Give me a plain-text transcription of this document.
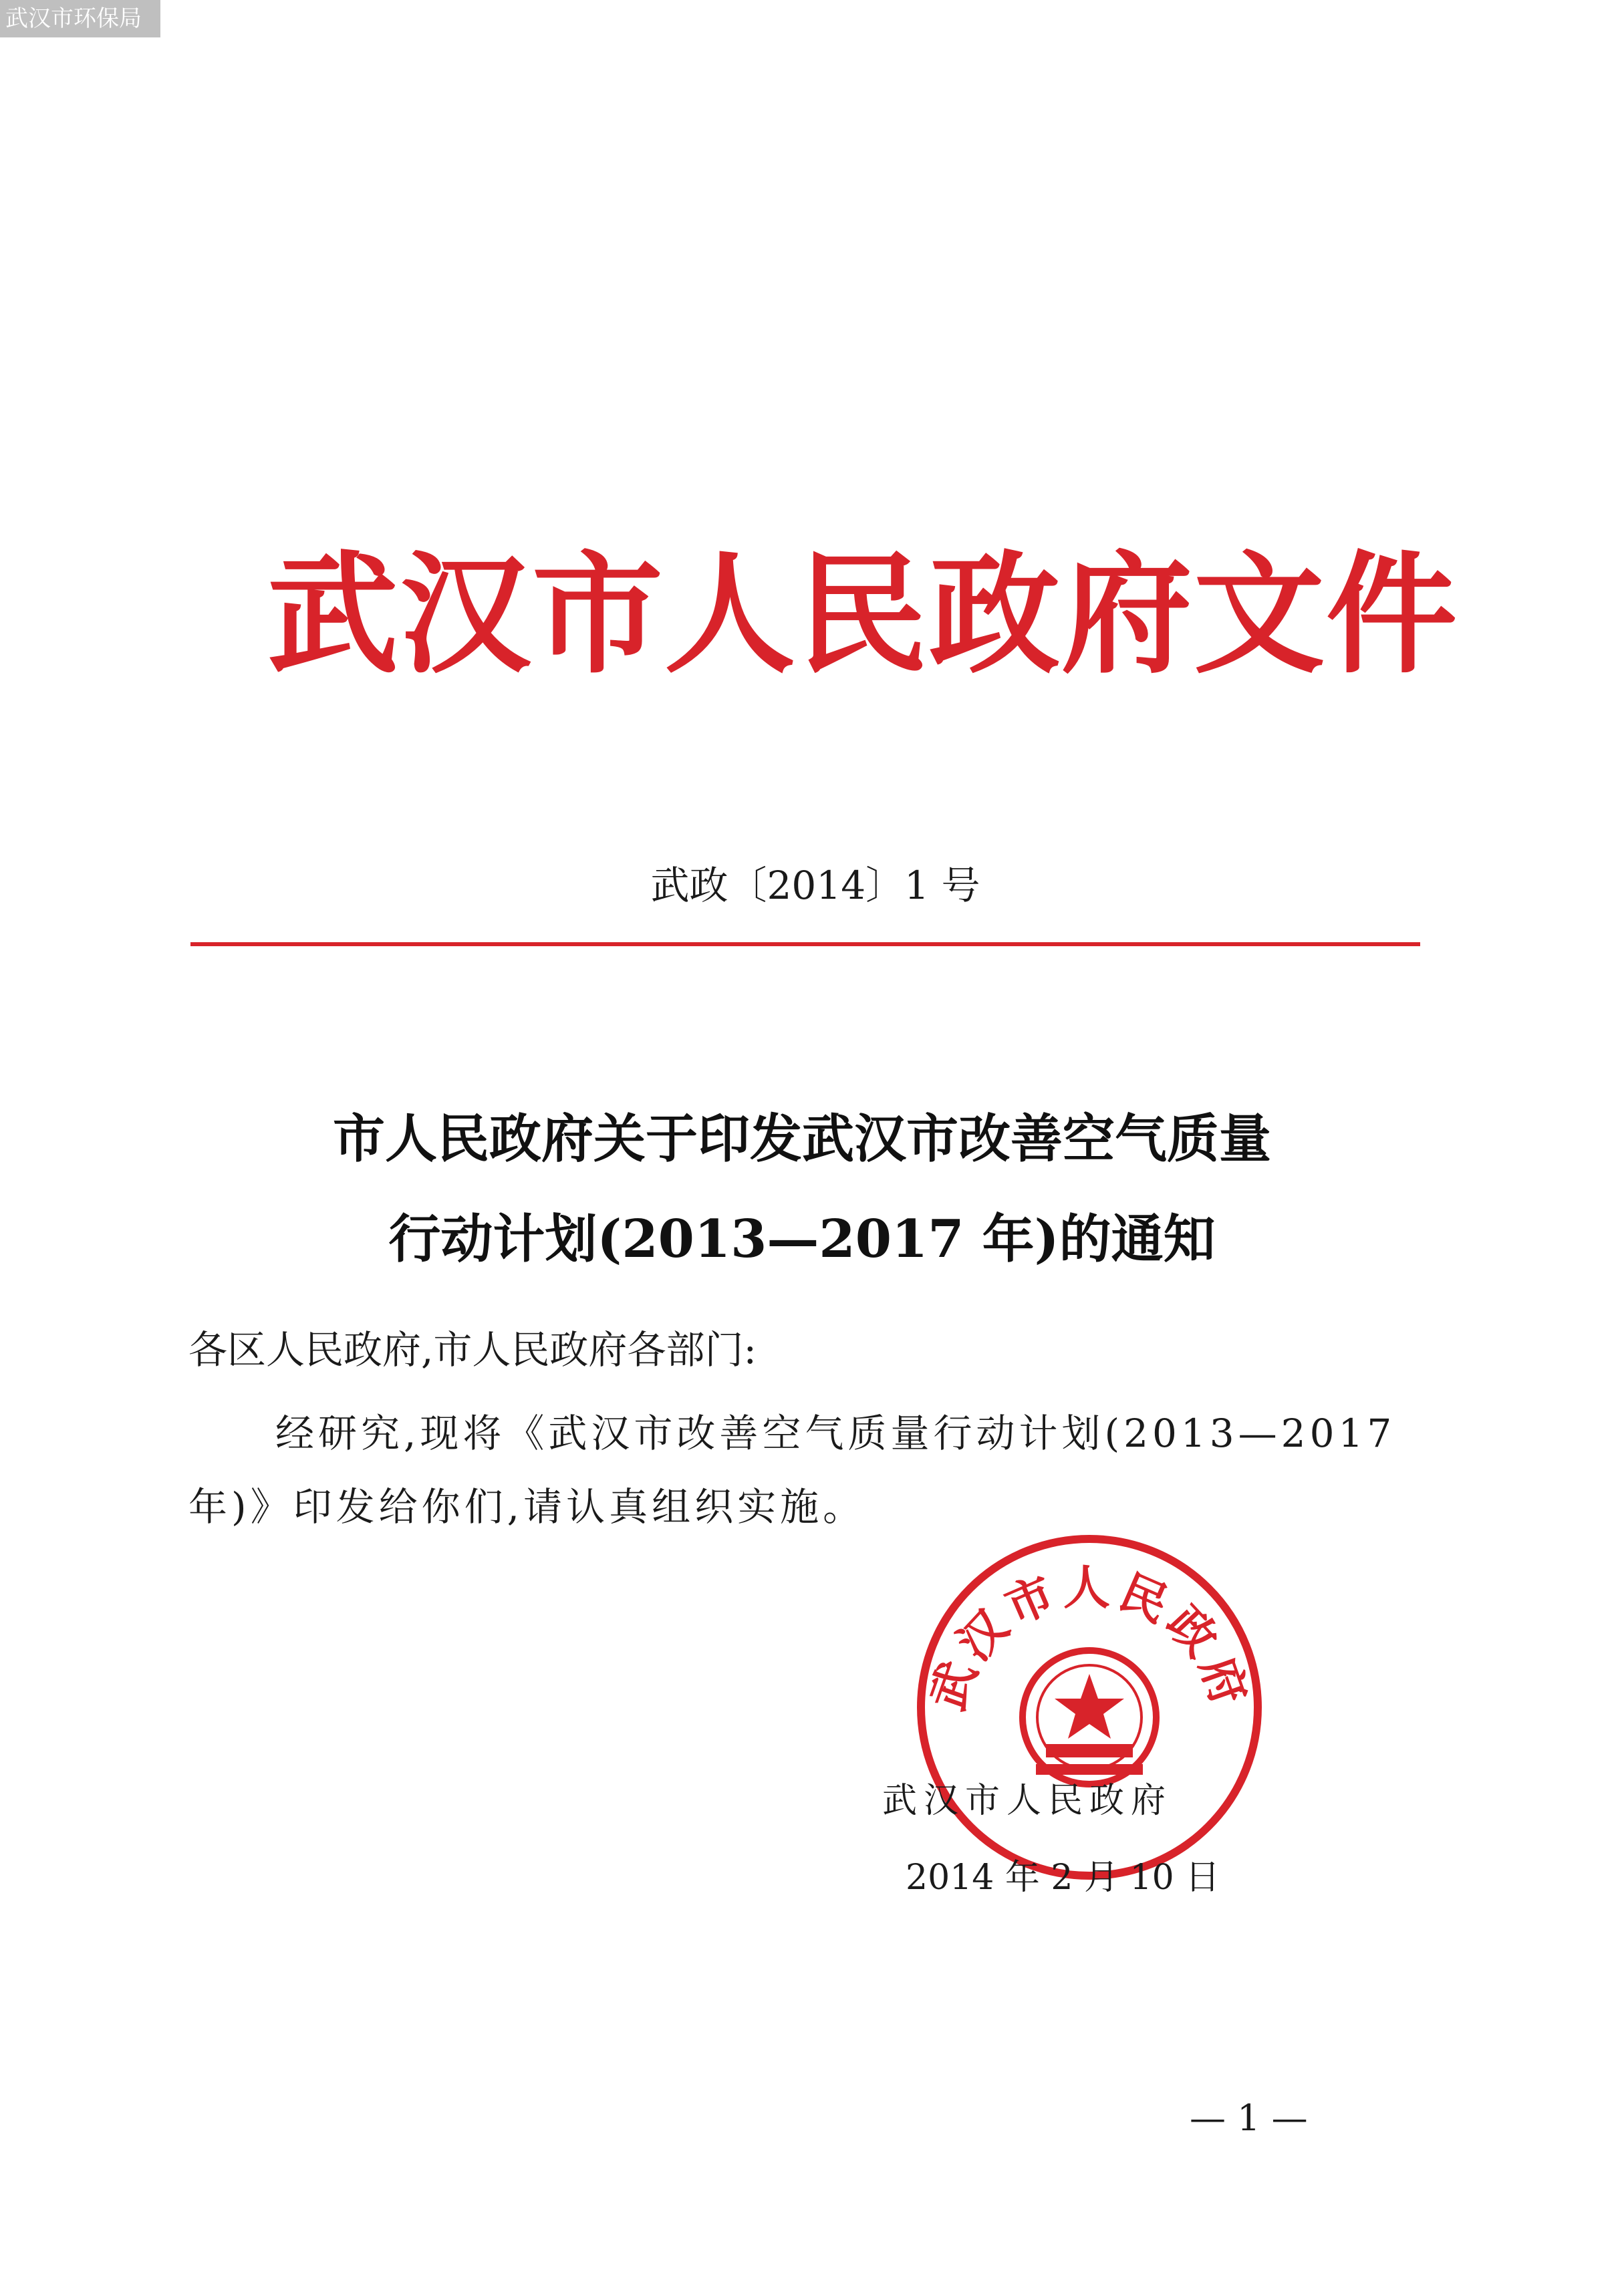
武汉市环保局
武汉市人民政府文件
武政〔2014〕1 号
市人民政府关于印发武汉市改善空气质量
行动计划(2013—2017 年)的通知
各区人民政府,市人民政府各部门:
经研究,现将《武汉市改善空气质量行动计划(2013—2017年)》印发给你们,请认真组织实施。
武汉市人民政府
武汉市人民政府
2014 年 2 月 10 日
— 1 —
